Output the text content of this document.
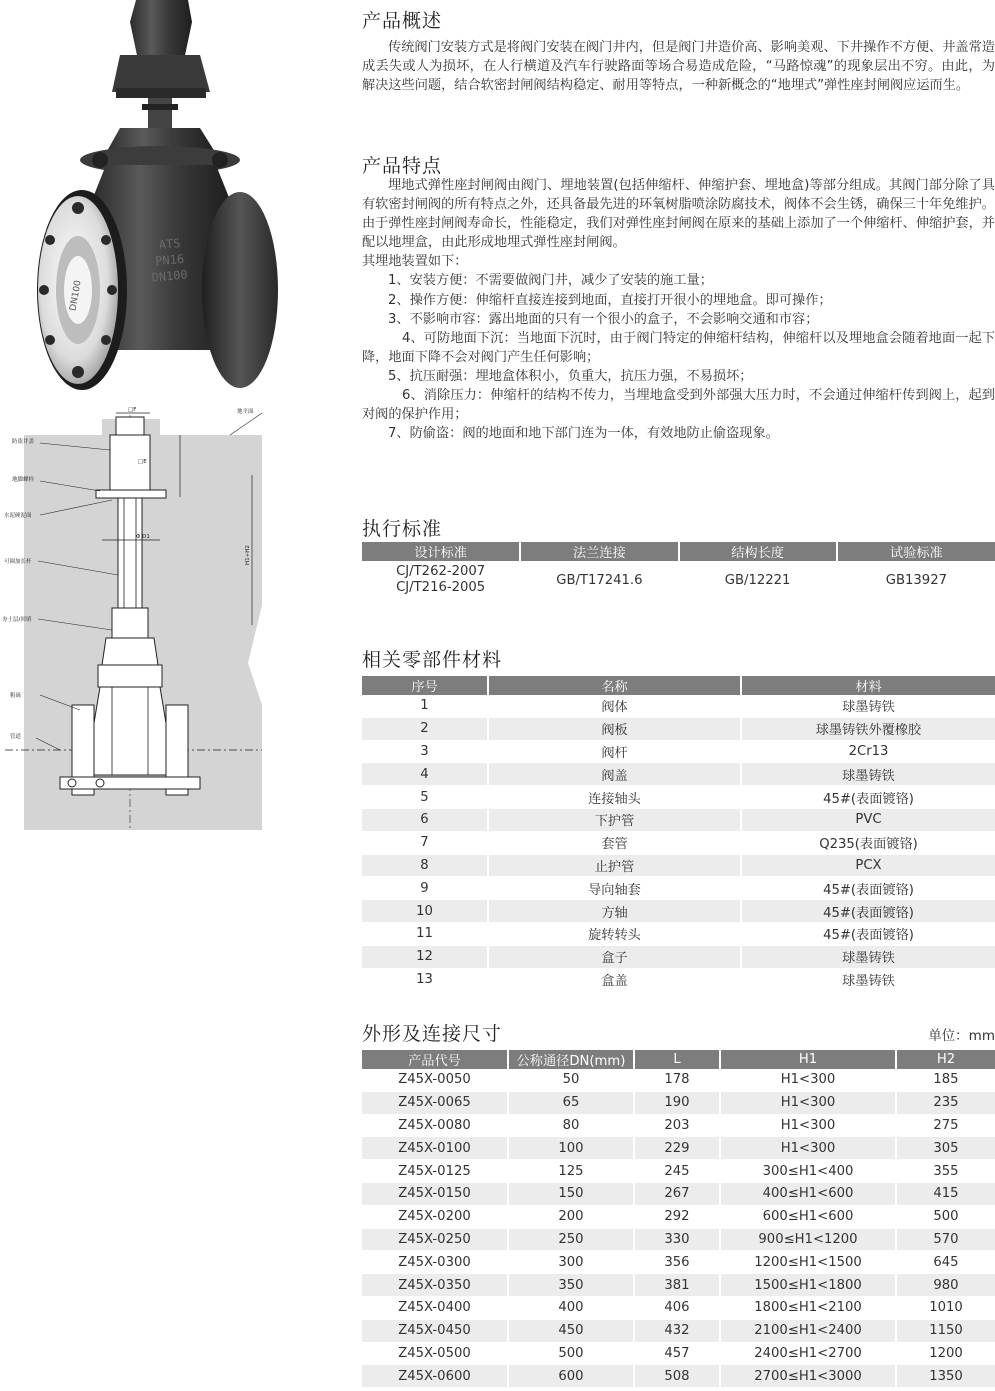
ATS
PN16
DN100
DN100
防盗井盖
地脚螺栓
水泥硬泥面
可调加长杆
夯土层/回填
粗砾
管道
地平面
□F
Φ D1
□E
H1+H2
产品概述

传统阀门安装方式是将阀门安装在阀门井内，但是阀门井造价高、影响美观、下井操作不方便、井盖常造成丢失或人为损坏，在人行横道及汽车行驶路面等场合易造成危险，“马路惊魂”的现象层出不穷。由此，为解决这些问题，结合软密封闸阀结构稳定、耐用等特点，一种新概念的“地埋式”弹性座封闸阀应运而生。

产品特点

埋地式弹性座封闸阀由阀门、埋地装置(包括伸缩杆、伸缩护套、埋地盒)等部分组成。其阀门部分除了具有软密封闸阀的所有特点之外，还具备最先进的环氧树脂喷涂防腐技术，阀体不会生锈，确保三十年免维护。由于弹性座封闸阀寿命长，性能稳定，我们对弹性座封闸阀在原来的基础上添加了一个伸缩杆、伸缩护套，并配以地埋盒，由此形成地埋式弹性座封闸阀。

其埋地装置如下：

1、安装方便：不需要做阀门井，减少了安装的施工量；

2、操作方便：伸缩杆直接连接到地面，直接打开很小的埋地盒。即可操作；

3、不影响市容：露出地面的只有一个很小的盒子，不会影响交通和市容；

4、可防地面下沉：当地面下沉时，由于阀门特定的伸缩杆结构，伸缩杆以及埋地盒会随着地面一起下降，地面下降不会对阀门产生任何影响；

5、抗压耐强：埋地盒体积小，负重大，抗压力强，不易损坏；

6、消除压力：伸缩杆的结构不传力，当埋地盒受到外部强大压力时，不会通过伸缩杆传到阀上，起到对阀的保护作用；

7、防偷盗：阀的地面和地下部门连为一体，有效地防止偷盗现象。

执行标准
设计标准	法兰连接	结构长度	试验标准

CJ/T262-2007
CJ/T216-2005	GB/T17241.6	GB/12221	GB13927
相关零部件材料
序号	名称	材料
1	阀体	球墨铸铁
2	阀板	球墨铸铁外覆橡胶
3	阀杆	2Cr13
4	阀盖	球墨铸铁
5	连接轴头	45#(表面镀铬)
6	下护管	PVC
7	套管	Q235(表面镀铬)
8	止护管	PCX
9	导向轴套	45#(表面镀铬)
10	方轴	45#(表面镀铬)
11	旋转转头	45#(表面镀铬)
12	盒子	球墨铸铁
13	盒盖	球墨铸铁
外形及连接尺寸	单位：mm
产品代号	公称通径DN(mm)	L	H1	H2
Z45X-0050	50	178	H1<300	185
Z45X-0065	65	190	H1<300	235
Z45X-0080	80	203	H1<300	275
Z45X-0100	100	229	H1<300	305
Z45X-0125	125	245	300≤H1<400	355
Z45X-0150	150	267	400≤H1<600	415
Z45X-0200	200	292	600≤H1<600	500
Z45X-0250	250	330	900≤H1<1200	570
Z45X-0300	300	356	1200≤H1<1500	645
Z45X-0350	350	381	1500≤H1<1800	980
Z45X-0400	400	406	1800≤H1<2100	1010
Z45X-0450	450	432	2100≤H1<2400	1150
Z45X-0500	500	457	2400≤H1<2700	1200
Z45X-0600	600	508	2700≤H1<3000	1350
